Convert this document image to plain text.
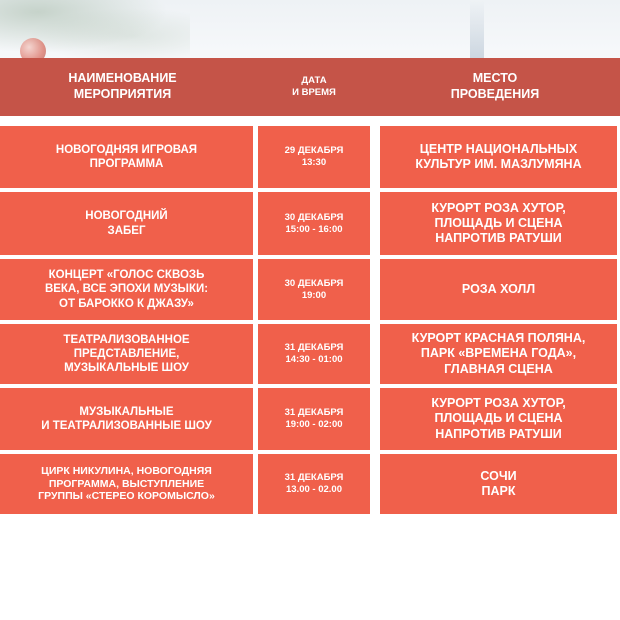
НАИМЕНОВАНИЕ
МЕРОПРИЯТИЯ
ДАТА
И ВРЕМЯ
МЕСТО
ПРОВЕДЕНИЯ
НОВОГОДНЯЯ ИГРОВАЯ
ПРОГРАММА
29 ДЕКАБРЯ
13:30
ЦЕНТР НАЦИОНАЛЬНЫХ
КУЛЬТУР ИМ. МАЗЛУМЯНА
НОВОГОДНИЙ
ЗАБЕГ
30 ДЕКАБРЯ
15:00 - 16:00
КУРОРТ РОЗА ХУТОР,
ПЛОЩАДЬ И СЦЕНА
НАПРОТИВ РАТУШИ
КОНЦЕРТ «ГОЛОС СКВОЗЬ
ВЕКА, ВСЕ ЭПОХИ МУЗЫКИ:
ОТ БАРОККО К ДЖАЗУ»
30 ДЕКАБРЯ
19:00	РОЗА ХОЛЛ
ТЕАТРАЛИЗОВАННОЕ
ПРЕДСТАВЛЕНИЕ,
МУЗЫКАЛЬНЫЕ ШОУ
31 ДЕКАБРЯ
14:30 - 01:00
КУРОРТ КРАСНАЯ ПОЛЯНА,
ПАРК «ВРЕМЕНА ГОДА»,
ГЛАВНАЯ СЦЕНА
МУЗЫКАЛЬНЫЕ
И ТЕАТРАЛИЗОВАННЫЕ ШОУ
31 ДЕКАБРЯ
19:00 - 02:00
КУРОРТ РОЗА ХУТОР,
ПЛОЩАДЬ И СЦЕНА
НАПРОТИВ РАТУШИ
ЦИРК НИКУЛИНА, НОВОГОДНЯЯ
ПРОГРАММА, ВЫСТУПЛЕНИЕ
ГРУППЫ «СТЕРЕО КОРОМЫСЛО»
31 ДЕКАБРЯ
13.00 - 02.00
СОЧИ
ПАРК
